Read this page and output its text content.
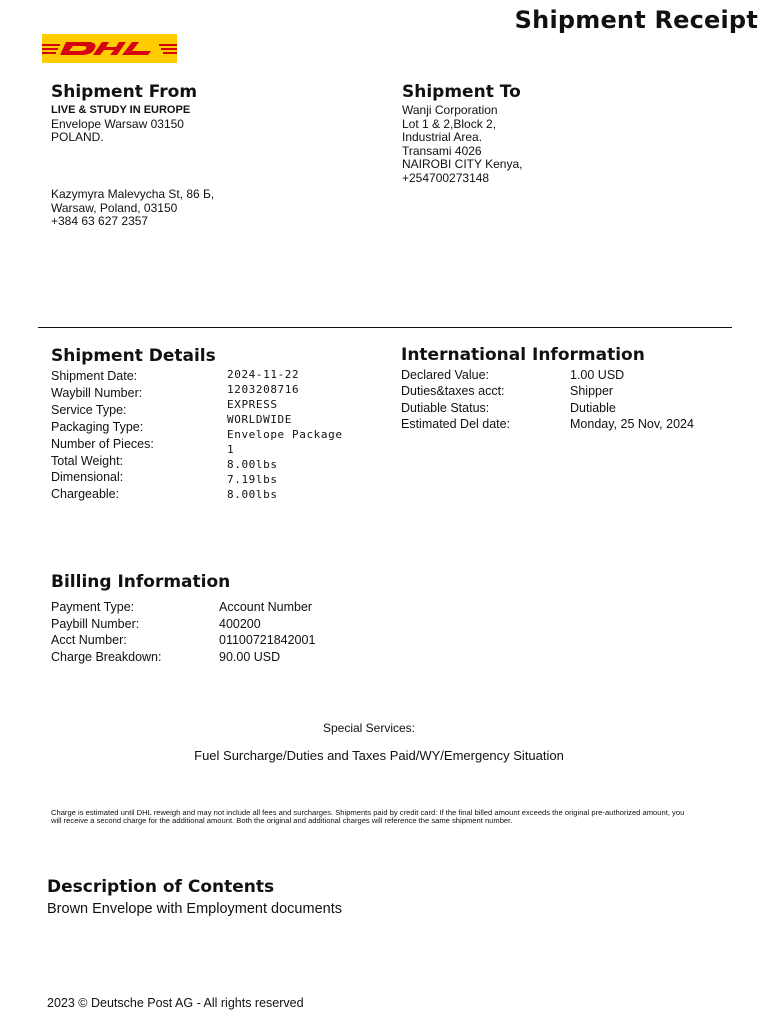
Shipment Receipt
Shipment From
LIVE & STUDY IN EUROPE
Envelope Warsaw 03150
POLAND.
Kazymyra Malevycha St, 86 Б,
Warsaw, Poland, 03150
+384 63 627 2357
Shipment To
Wanji Corporation
Lot 1 & 2,Block 2,
Industrial Area.
Transami 4026
NAIROBI CITY Kenya,
+254700273148
Shipment Details
Shipment Date:
Waybill Number:
Service Type:
Packaging Type:
Number of Pieces:
Total Weight:
Dimensional:
Chargeable:
2024-11-22
1203208716
EXPRESS
WORLDWIDE
Envelope Package
1
8.00lbs
7.19lbs
8.00lbs
International Information
Declared Value:
Duties&taxes acct:
Dutiable Status:
Estimated Del date:
1.00 USD
Shipper
Dutiable
Monday, 25 Nov, 2024
Billing Information
Payment Type:
Paybill Number:
Acct Number:
Charge Breakdown:
Account Number
400200
01100721842001
90.00 USD
Special Services:
Fuel Surcharge/Duties and Taxes Paid/WY/Emergency Situation
Charge is estimated until DHL reweigh and may not include all fees and surcharges. Shipments paid by credit card: If the final billed amount exceeds the original pre-authorized amount, you will receive a second charge for the additional amount. Both the original and additional charges will reference the same shipment number.
Description of Contents
Brown Envelope with Employment documents
2023 © Deutsche Post AG - All rights reserved
